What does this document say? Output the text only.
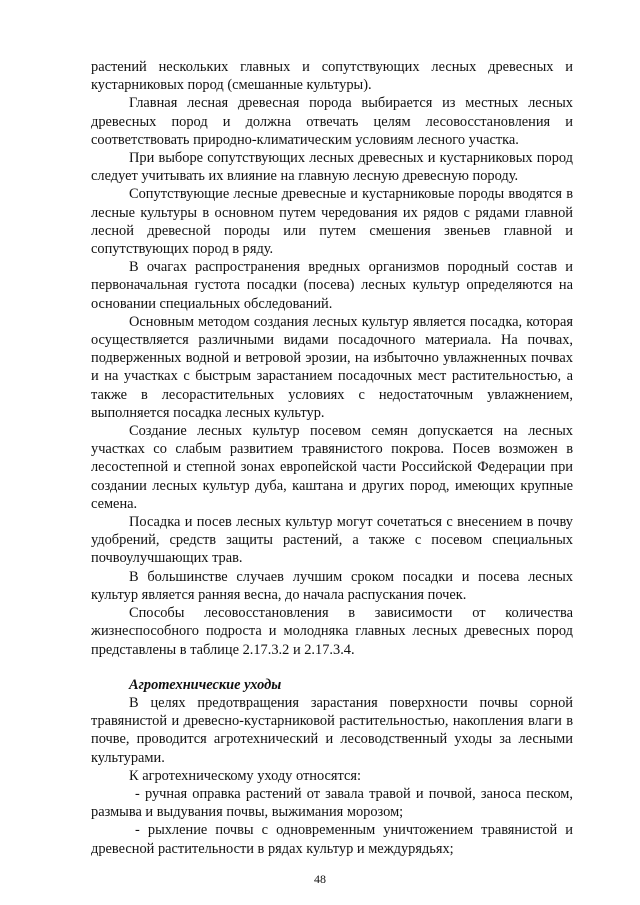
растений нескольких главных и сопутствующих лесных древесных и кустарниковых пород (смешанные культуры).

Главная лесная древесная порода выбирается из местных лесных древесных пород и должна отвечать целям лесовосстановления и соответствовать природно-климатическим условиям лесного участка.

При выборе сопутствующих лесных древесных и кустарниковых пород следует учитывать их влияние на главную лесную древесную породу.

Сопутствующие лесные древесные и кустарниковые породы вводятся в лесные культуры в основном путем чередования их рядов с рядами главной лесной древесной породы или путем смешения звеньев главной и сопутствующих пород в ряду.

В очагах распространения вредных организмов породный состав и первоначальная густота посадки (посева) лесных культур определяются на основании специальных обследований.

Основным методом создания лесных культур является посадка, которая осуществляется различными видами посадочного материала. На почвах, подверженных водной и ветровой эрозии, на избыточно увлажненных почвах и на участках с быстрым зарастанием посадочных мест растительностью, а также в лесорастительных условиях с недостаточным увлажнением, выполняется посадка лесных культур.

Создание лесных культур посевом семян допускается на лесных участках со слабым развитием травянистого покрова. Посев возможен в лесостепной и степной зонах европейской части Российской Федерации при создании лесных культур дуба, каштана и других пород, имеющих крупные семена.

Посадка и посев лесных культур могут сочетаться с внесением в почву удобрений, средств защиты растений, а также с посевом специальных почвоулучшающих трав.

В большинстве случаев лучшим сроком посадки и посева лесных культур является ранняя весна, до начала распускания почек.

Способы лесовосстановления в зависимости от количества жизнеспособного подроста и молодняка главных лесных древесных пород представлены в таблице 2.17.3.2 и 2.17.3.4.

Агротехнические уходы

В целях предотвращения зарастания поверхности почвы сорной травянистой и древесно-кустарниковой растительностью, накопления влаги в почве, проводится агротехнический и лесоводственный уходы за лесными культурами.

К агротехническому уходу относятся:

- ручная оправка растений от завала травой и почвой, заноса песком, размыва и выдувания почвы, выжимания морозом;

- рыхление почвы с одновременным уничтожением травянистой и древесной растительности в рядах культур и междурядьях;

48
